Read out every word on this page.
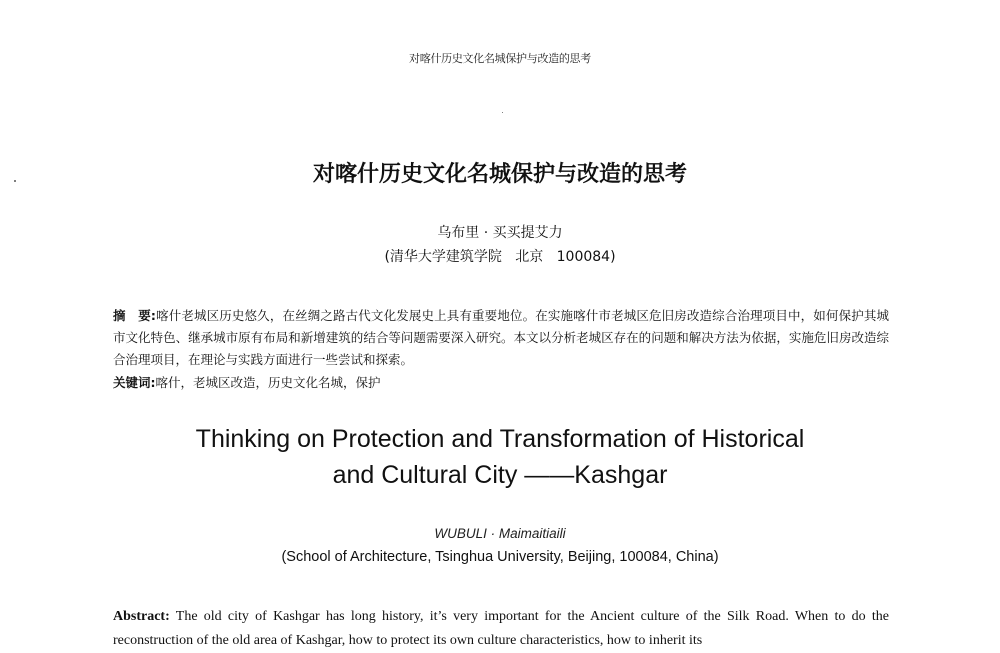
对喀什历史文化名城保护与改造的思考
对喀什历史文化名城保护与改造的思考
乌布里 · 买买提艾力
(清华大学建筑学院 北京 100084)
摘　要:喀什老城区历史悠久，在丝绸之路古代文化发展史上具有重要地位。在实施喀什市老城区危旧房改造综合治理项目中，如何保护其城市文化特色、继承城市原有布局和新增建筑的结合等问题需要深入研究。本文以分析老城区存在的问题和解决方法为依据，实施危旧房改造综合治理项目，在理论与实践方面进行一些尝试和探索。
关键词:喀什，老城区改造，历史文化名城，保护
Thinking on Protection and Transformation of Historical
and Cultural City ——Kashgar
WUBULI · Maimaitiaili
(School of Architecture, Tsinghua University, Beijing, 100084, China)
Abstract: The old city of Kashgar has long history, it’s very important for the Ancient culture of the Silk Road. When to do the reconstruction of the old area of Kashgar, how to protect its own culture characteristics, how to inherit its
